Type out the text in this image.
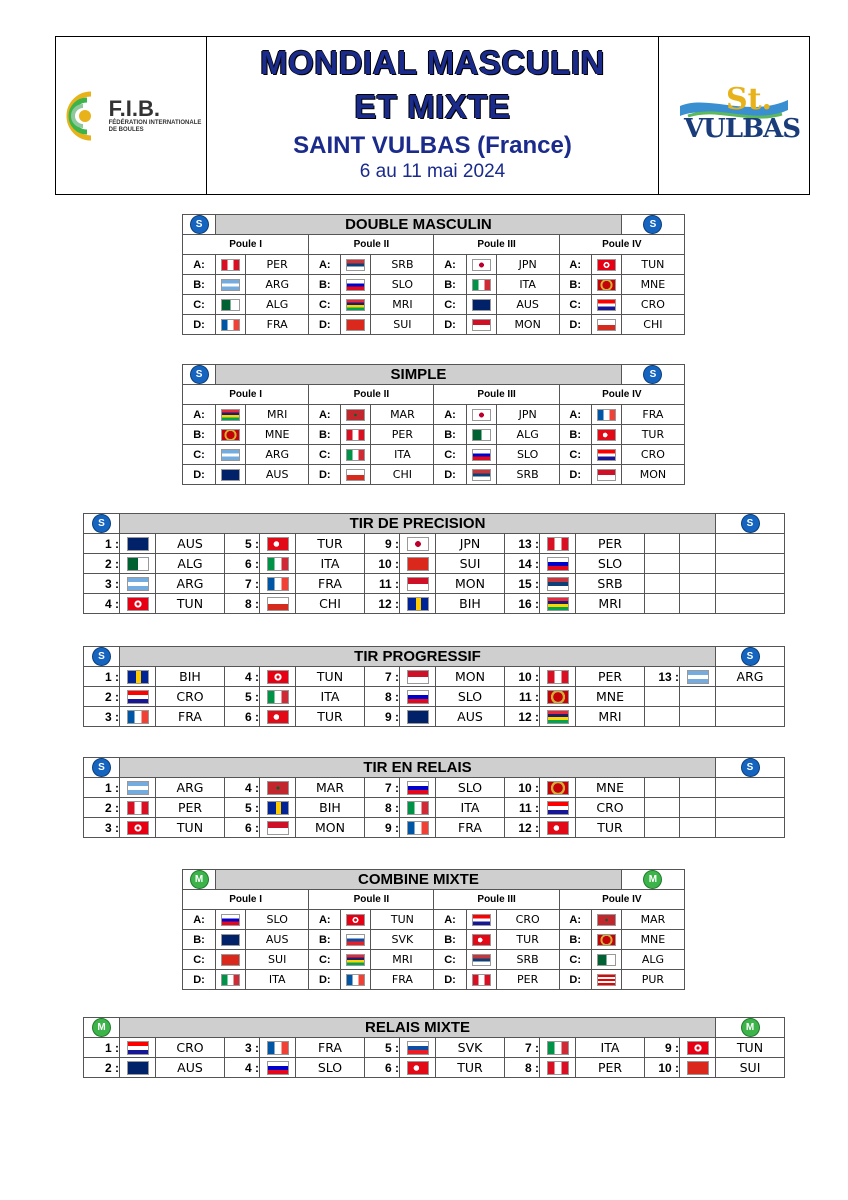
F.I.B.
FÉDÉRATION INTERNATIONALE
DE BOULES
MONDIAL MASCULIN
ET MIXTE
SAINT VULBAS (France)
6 au 11 mai 2024
St.
VULBAS
S	DOUBLE MASCULIN										S
Poule I			Poule II			Poule III			Poule IV		
A:		PER	A:		SRB	A:		JPN	A:		TUN
B:		ARG	B:		SLO	B:		ITA	B:		MNE
C:		ALG	C:		MRI	C:		AUS	C:		CRO
D:		FRA	D:		SUI	D:		MON	D:		CHI
S	SIMPLE										S
Poule I			Poule II			Poule III			Poule IV		
A:		MRI	A:		MAR	A:		JPN	A:		FRA
B:		MNE	B:		PER	B:		ALG	B:		TUR
C:		ARG	C:		ITA	C:		SLO	C:		CRO
D:		AUS	D:		CHI	D:		SRB	D:		MON
S	TIR DE PRECISION													S
1 :		AUS	5 :		TUR	9 :		JPN	13 :		PER			
2 :		ALG	6 :		ITA	10 :		SUI	14 :		SLO			
3 :		ARG	7 :		FRA	11 :		MON	15 :		SRB			
4 :		TUN	8 :		CHI	12 :		BIH	16 :		MRI			
S	TIR PROGRESSIF													S
1 :		BIH	4 :		TUN	7 :		MON	10 :		PER	13 :		ARG
2 :		CRO	5 :		ITA	8 :		SLO	11 :		MNE			
3 :		FRA	6 :		TUR	9 :		AUS	12 :		MRI			
S	TIR EN RELAIS													S
1 :		ARG	4 :		MAR	7 :		SLO	10 :		MNE			
2 :		PER	5 :		BIH	8 :		ITA	11 :		CRO			
3 :		TUN	6 :		MON	9 :		FRA	12 :		TUR			
M	COMBINE MIXTE										M
Poule I			Poule II			Poule III			Poule IV		
A:		SLO	A:		TUN	A:		CRO	A:		MAR
B:		AUS	B:		SVK	B:		TUR	B:		MNE
C:		SUI	C:		MRI	C:		SRB	C:		ALG
D:		ITA	D:		FRA	D:		PER	D:		PUR
M	RELAIS MIXTE													M
1 :		CRO	3 :		FRA	5 :		SVK	7 :		ITA	9 :		TUN
2 :		AUS	4 :		SLO	6 :		TUR	8 :		PER	10 :		SUI
